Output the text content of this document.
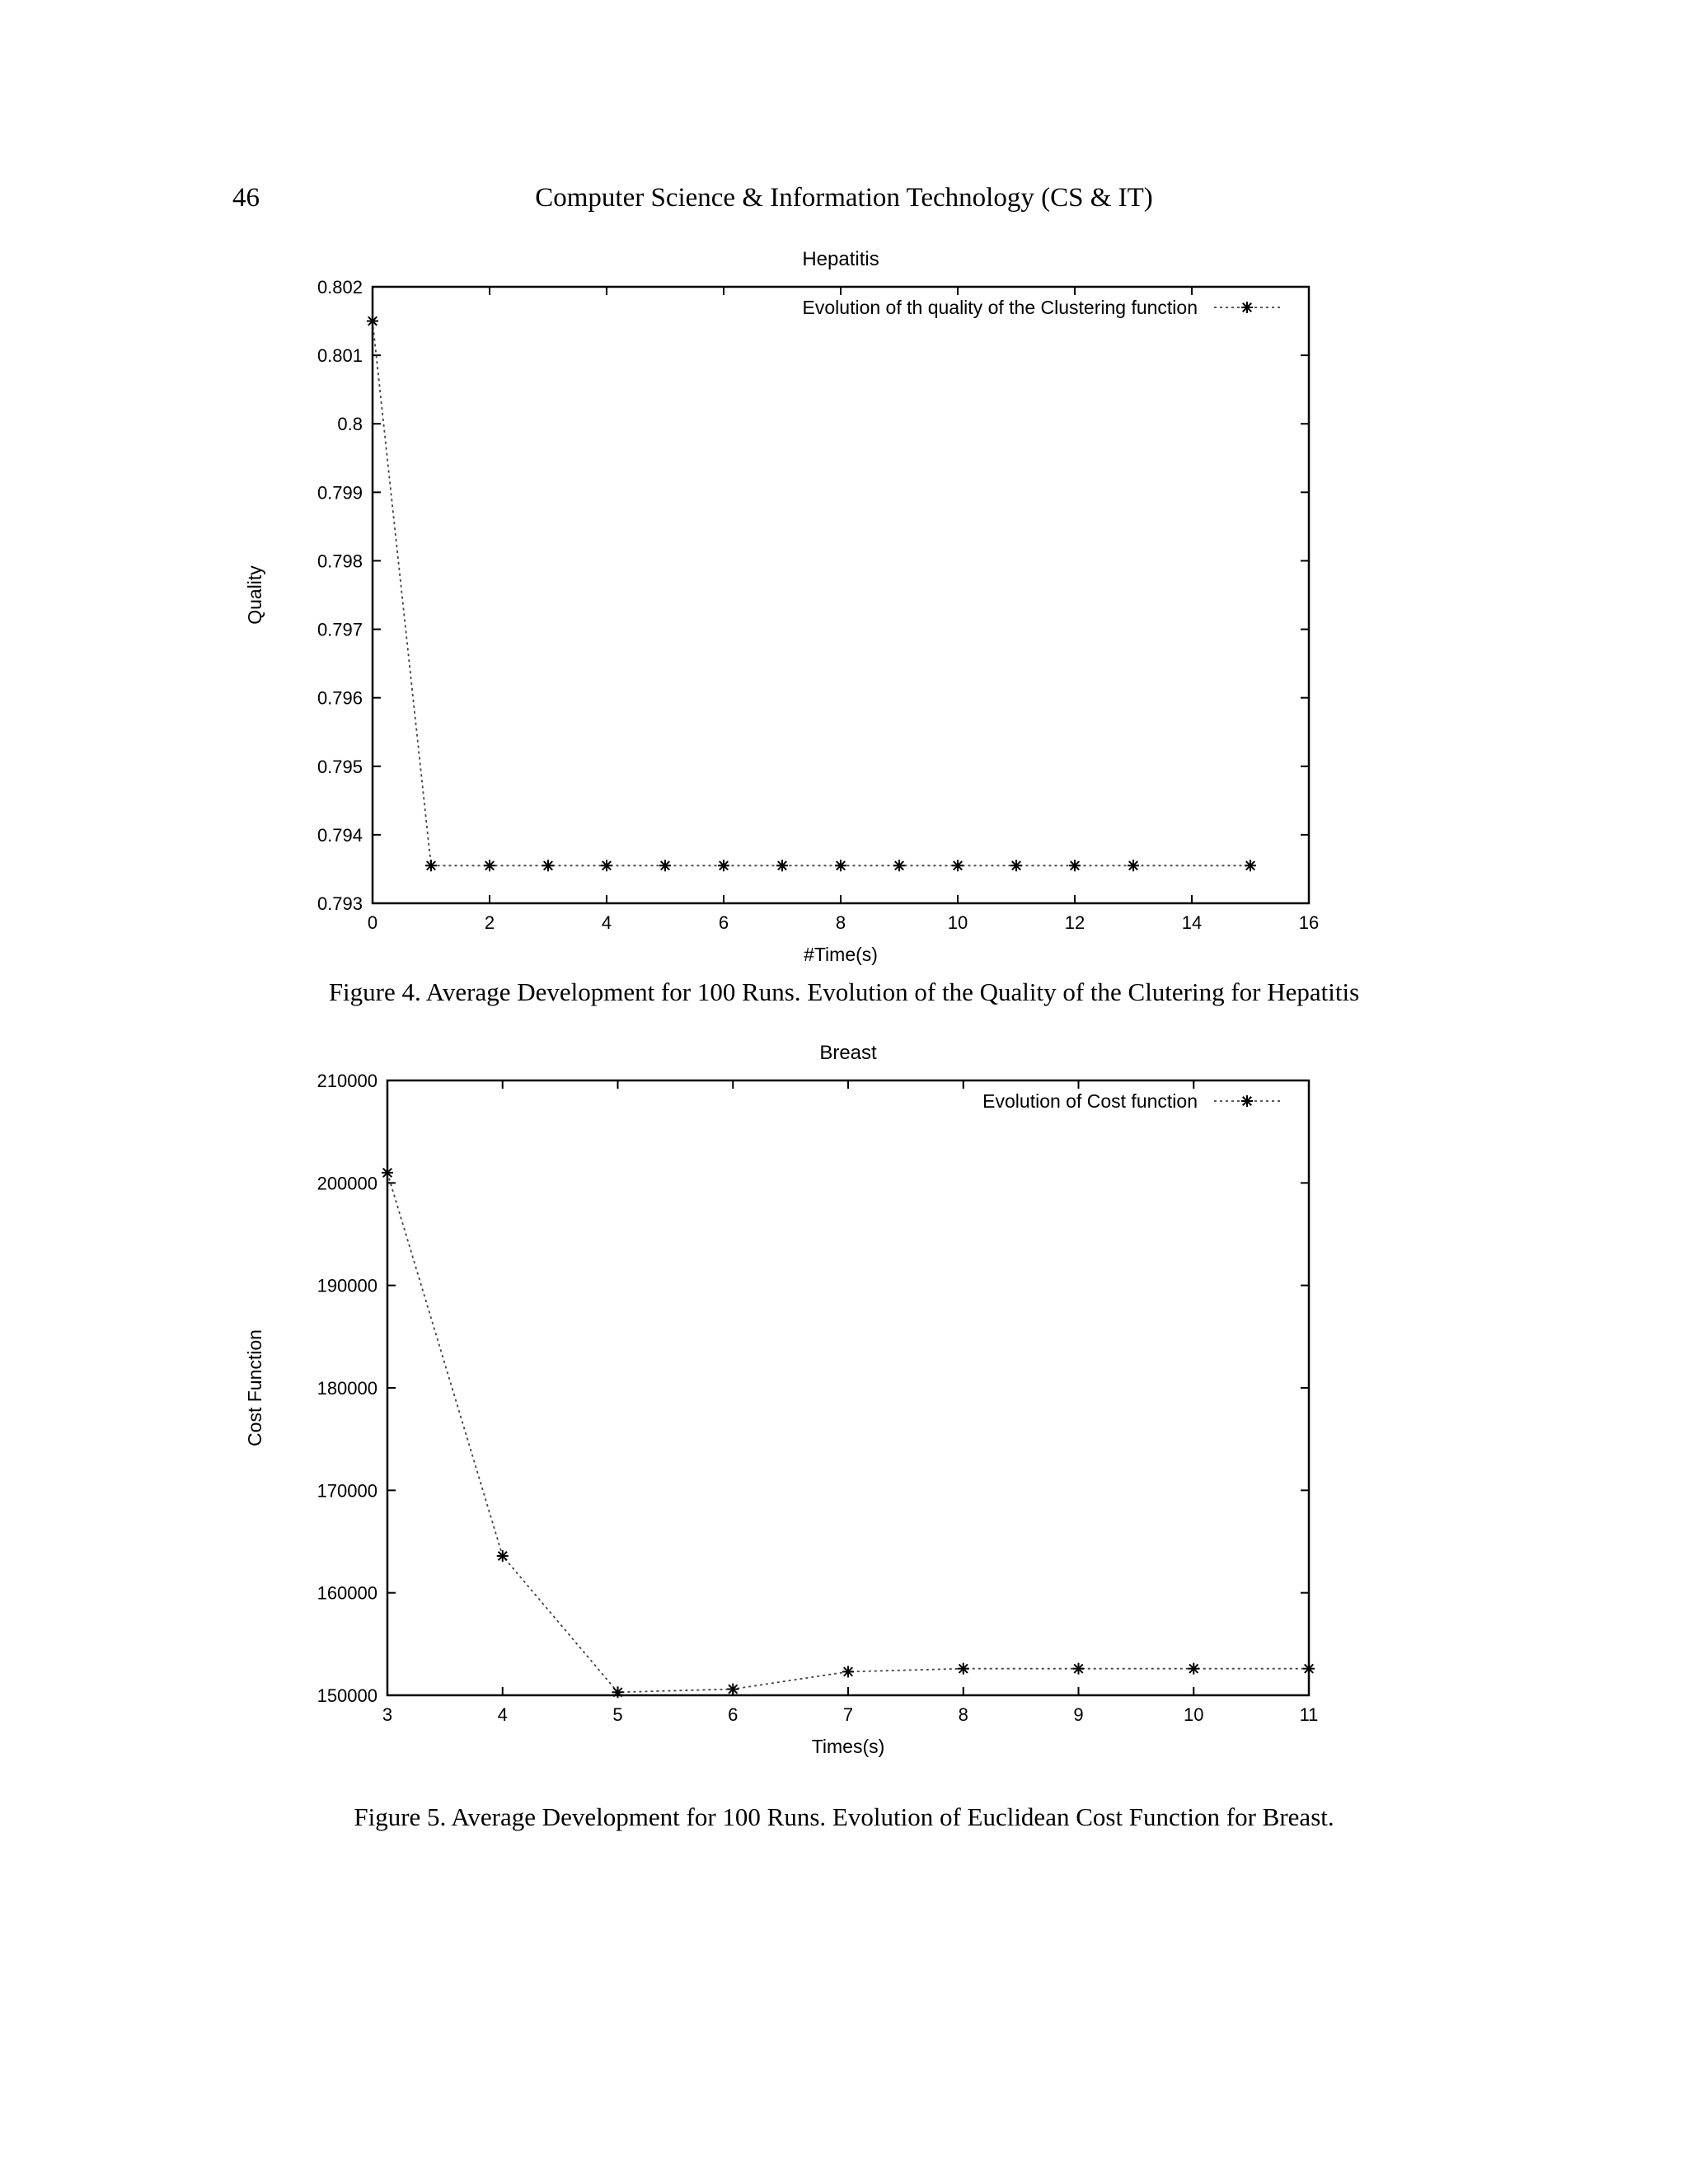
46	Computer Science & Information Technology (CS & IT)
Hepatitis
0	2	4	6	8	10	12	14	16
0.793
0.794
0.795
0.796
0.797
0.798
0.799
0.8
0.801
0.802
#Time(s)
Quality
Evolution of th quality of the Clustering function
Figure 4. Average Development for 100 Runs. Evolution of the Quality of the Clutering for Hepatitis
Breast
3	4	5	6	7	8	9	10	11
150000
160000
170000
180000
190000
200000
210000
Times(s)
Cost Function
Evolution of Cost function
Figure 5. Average Development for 100 Runs. Evolution of Euclidean Cost Function for Breast.
